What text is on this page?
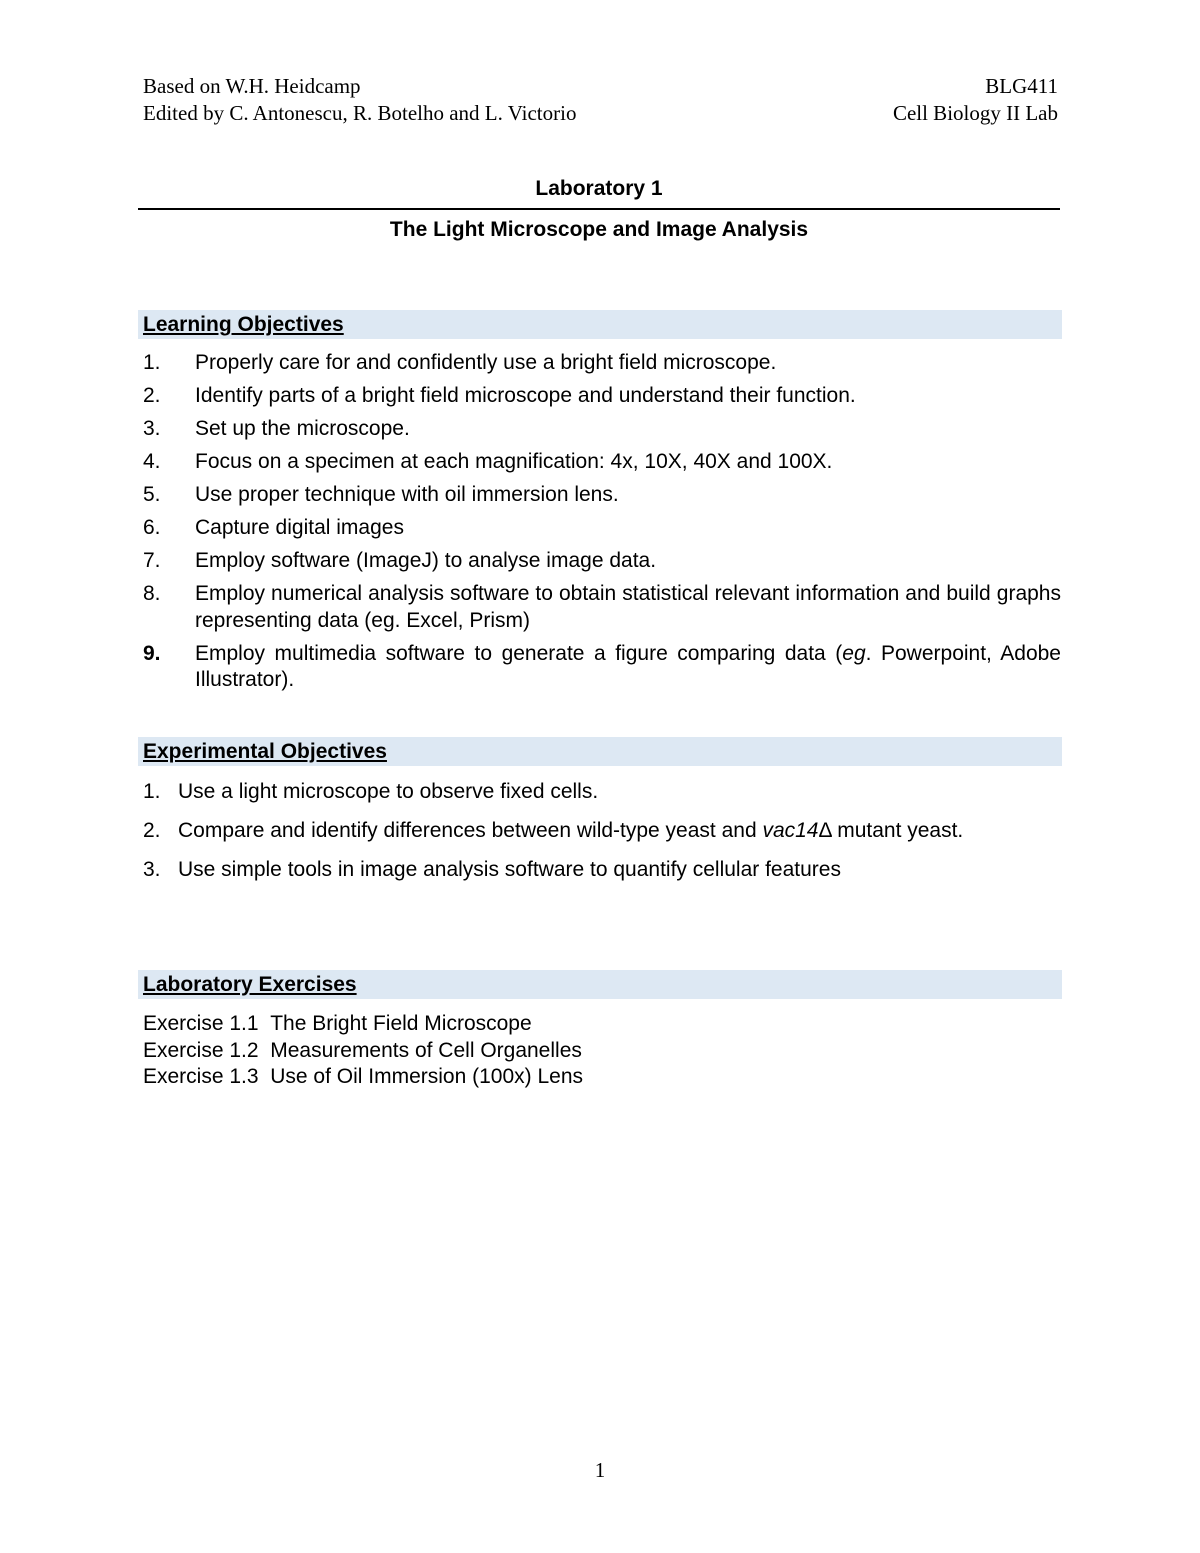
Based on W.H. Heidcamp
Edited by C. Antonescu, R. Botelho and L. Victorio
BLG411
Cell Biology II Lab
Laboratory 1
The Light Microscope and Image Analysis
Learning Objectives
1. Properly care for and confidently use a bright field microscope.
2. Identify parts of a bright field microscope and understand their function.
3. Set up the microscope.
4. Focus on a specimen at each magnification: 4x, 10X, 40X and 100X.
5. Use proper technique with oil immersion lens.
6. Capture digital images
7. Employ software (ImageJ) to analyse image data.
8. Employ numerical analysis software to obtain statistical relevant information and build graphs representing data (eg. Excel, Prism)
9. Employ multimedia software to generate a figure comparing data (eg. Powerpoint, Adobe Illustrator).
Experimental Objectives
1. Use a light microscope to observe fixed cells.
2. Compare and identify differences between wild-type yeast and vac14Δ mutant yeast.
3. Use simple tools in image analysis software to quantify cellular features
Laboratory Exercises
Exercise 1.1 The Bright Field Microscope
Exercise 1.2 Measurements of Cell Organelles
Exercise 1.3 Use of Oil Immersion (100x) Lens
1
